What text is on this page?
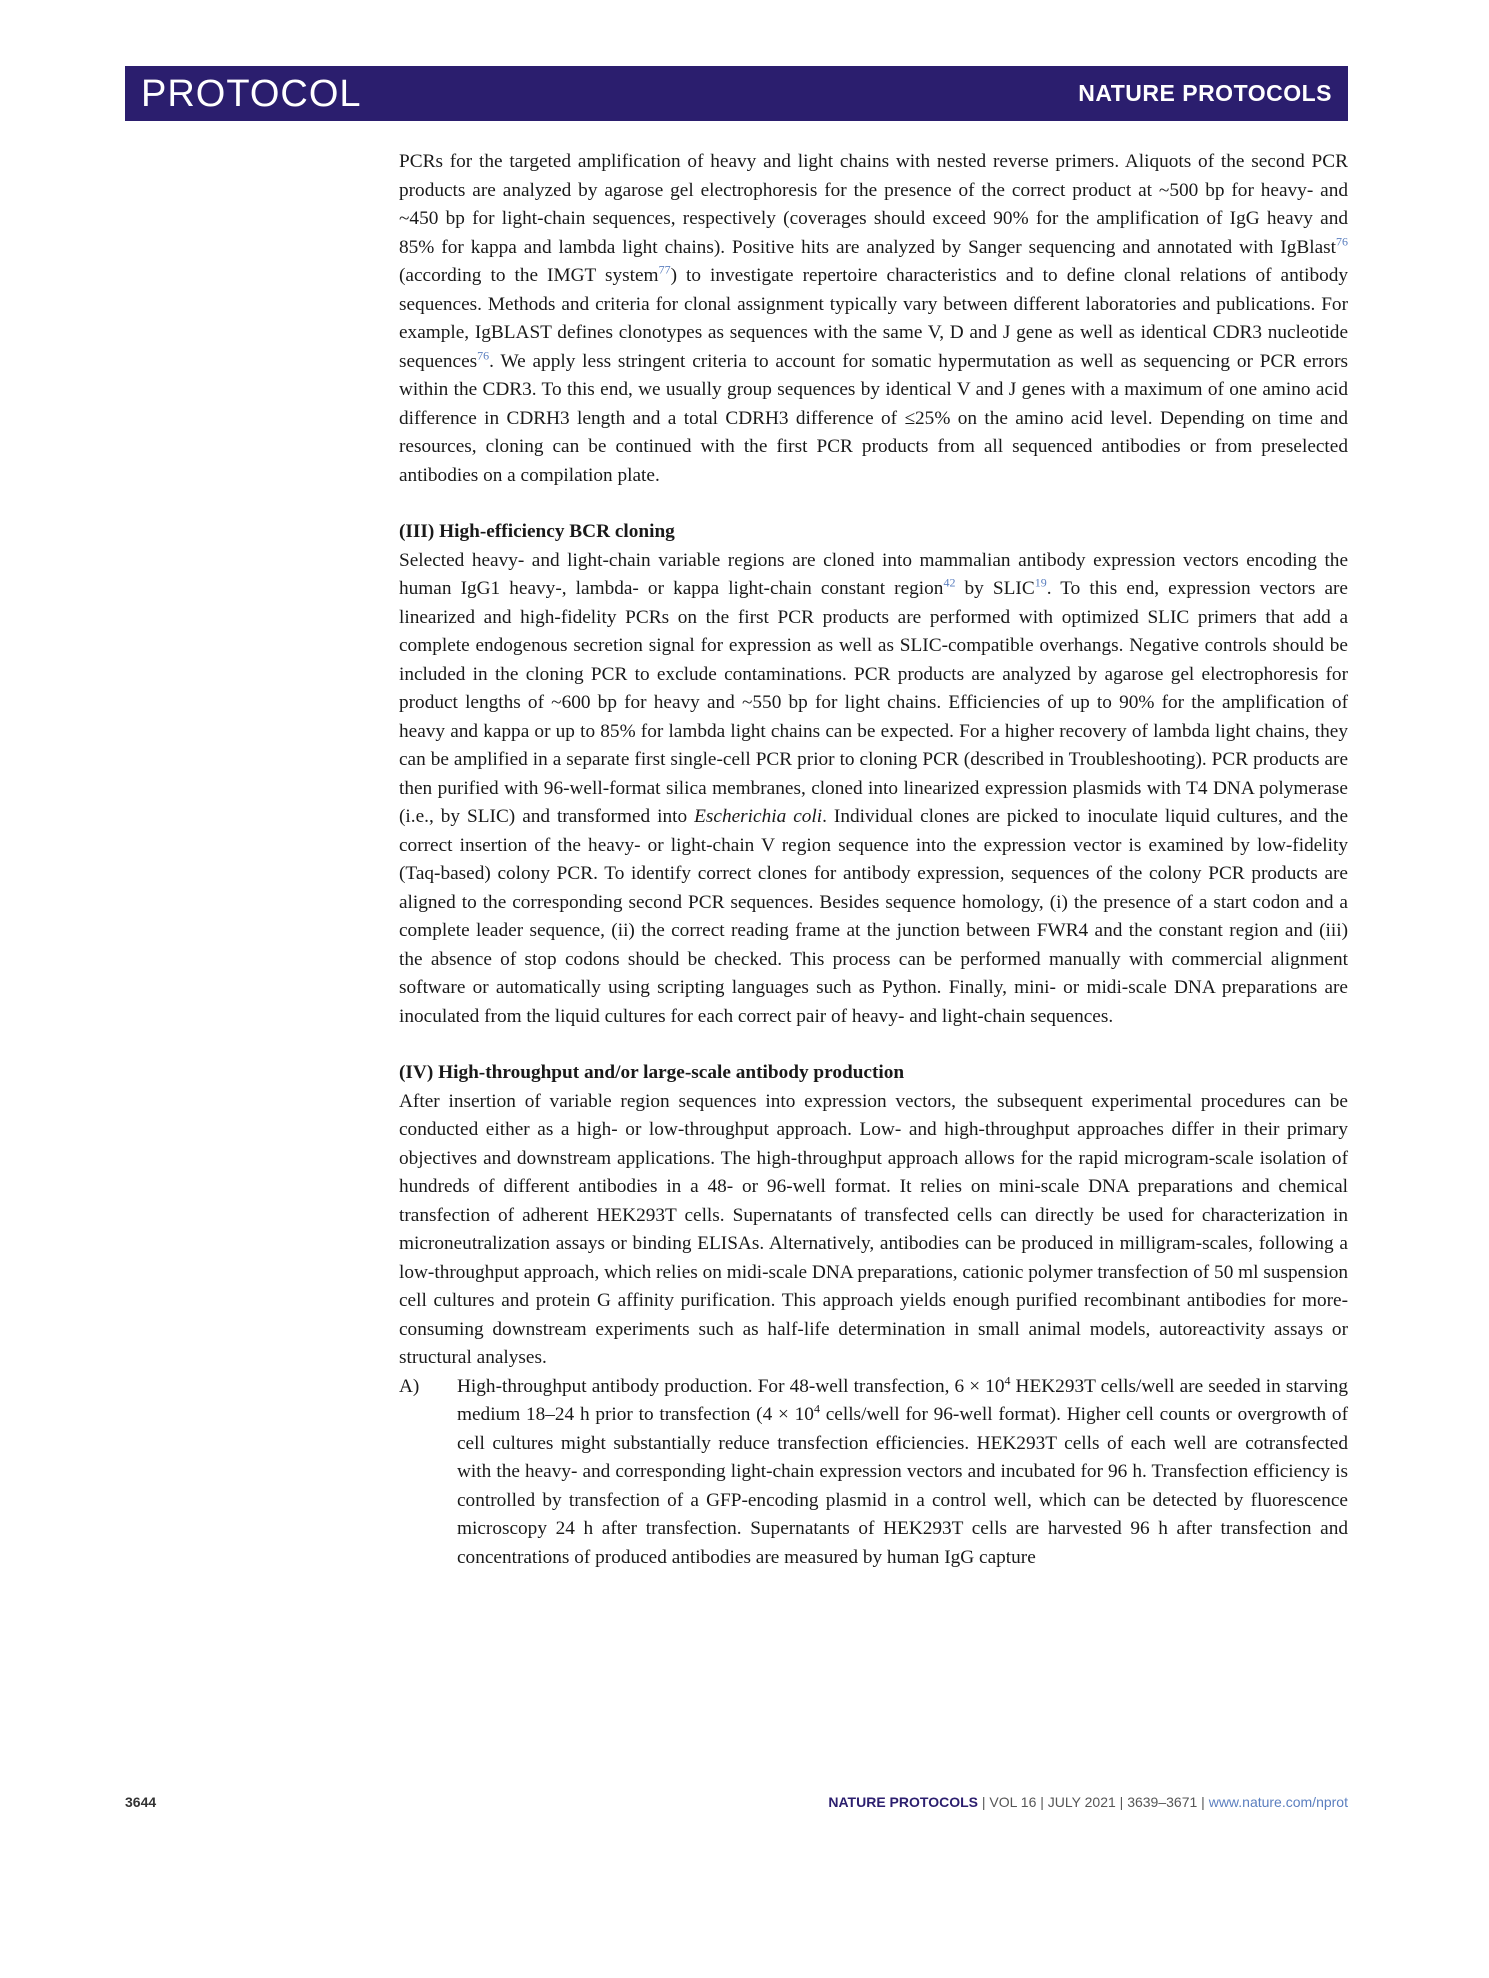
PROTOCOL	NATURE PROTOCOLS

PCRs for the targeted amplification of heavy and light chains with nested reverse primers. Aliquots of the second PCR products are analyzed by agarose gel electrophoresis for the presence of the correct product at ~500 bp for heavy- and ~450 bp for light-chain sequences, respectively (coverages should exceed 90% for the amplification of IgG heavy and 85% for kappa and lambda light chains). Positive hits are analyzed by Sanger sequencing and annotated with IgBlast$^{76}$ (according to the IMGT system$^{77}$) to investigate repertoire characteristics and to define clonal relations of antibody sequences. Methods and criteria for clonal assignment typically vary between different laboratories and publications. For example, IgBLAST defines clonotypes as sequences with the same V, D and J gene as well as identical CDR3 nucleotide sequences$^{76}$. We apply less stringent criteria to account for somatic hypermutation as well as sequencing or PCR errors within the CDR3. To this end, we usually group sequences by identical V and J genes with a maximum of one amino acid difference in CDRH3 length and a total CDRH3 difference of ≤25% on the amino acid level. Depending on time and resources, cloning can be continued with the first PCR products from all sequenced antibodies or from preselected antibodies on a compilation plate.

(III) High-efficiency BCR cloning

Selected heavy- and light-chain variable regions are cloned into mammalian antibody expression vectors encoding the human IgG1 heavy-, lambda- or kappa light-chain constant region$^{42}$ by SLIC$^{19}$. To this end, expression vectors are linearized and high-fidelity PCRs on the first PCR products are performed with optimized SLIC primers that add a complete endogenous secretion signal for expression as well as SLIC-compatible overhangs. Negative controls should be included in the cloning PCR to exclude contaminations. PCR products are analyzed by agarose gel electrophoresis for product lengths of ~600 bp for heavy and ~550 bp for light chains. Efficiencies of up to 90% for the amplification of heavy and kappa or up to 85% for lambda light chains can be expected. For a higher recovery of lambda light chains, they can be amplified in a separate first single-cell PCR prior to cloning PCR (described in Troubleshooting). PCR products are then purified with 96-well-format silica membranes, cloned into linearized expression plasmids with T4 DNA polymerase (i.e., by SLIC) and transformed into Escherichia coli. Individual clones are picked to inoculate liquid cultures, and the correct insertion of the heavy- or light-chain V region sequence into the expression vector is examined by low-fidelity (Taq-based) colony PCR. To identify correct clones for antibody expression, sequences of the colony PCR products are aligned to the corresponding second PCR sequences. Besides sequence homology, (i) the presence of a start codon and a complete leader sequence, (ii) the correct reading frame at the junction between FWR4 and the constant region and (iii) the absence of stop codons should be checked. This process can be performed manually with commercial alignment software or automatically using scripting languages such as Python. Finally, mini- or midi-scale DNA preparations are inoculated from the liquid cultures for each correct pair of heavy- and light-chain sequences.

(IV) High-throughput and/or large-scale antibody production

After insertion of variable region sequences into expression vectors, the subsequent experimental procedures can be conducted either as a high- or low-throughput approach. Low- and high-throughput approaches differ in their primary objectives and downstream applications. The high-throughput approach allows for the rapid microgram-scale isolation of hundreds of different antibodies in a 48- or 96-well format. It relies on mini-scale DNA preparations and chemical transfection of adherent HEK293T cells. Supernatants of transfected cells can directly be used for characterization in microneutralization assays or binding ELISAs. Alternatively, antibodies can be produced in milligram-scales, following a low-throughput approach, which relies on midi-scale DNA preparations, cationic polymer transfection of 50 ml suspension cell cultures and protein G affinity purification. This approach yields enough purified recombinant antibodies for more-consuming downstream experiments such as half-life determination in small animal models, autoreactivity assays or structural analyses.

A) High-throughput antibody production. For 48-well transfection, $6 \times 10^4$ HEK293T cells/well are seeded in starving medium 18–24 h prior to transfection ($4 \times 10^4$ cells/well for 96-well format). Higher cell counts or overgrowth of cell cultures might substantially reduce transfection efficiencies. HEK293T cells of each well are cotransfected with the heavy- and corresponding light-chain expression vectors and incubated for 96 h. Transfection efficiency is controlled by transfection of a GFP-encoding plasmid in a control well, which can be detected by fluorescence microscopy 24 h after transfection. Supernatants of HEK293T cells are harvested 96 h after transfection and concentrations of produced antibodies are measured by human IgG capture

3644	NATURE PROTOCOLS | VOL 16 | JULY 2021 | 3639–3671 | www.nature.com/nprot
